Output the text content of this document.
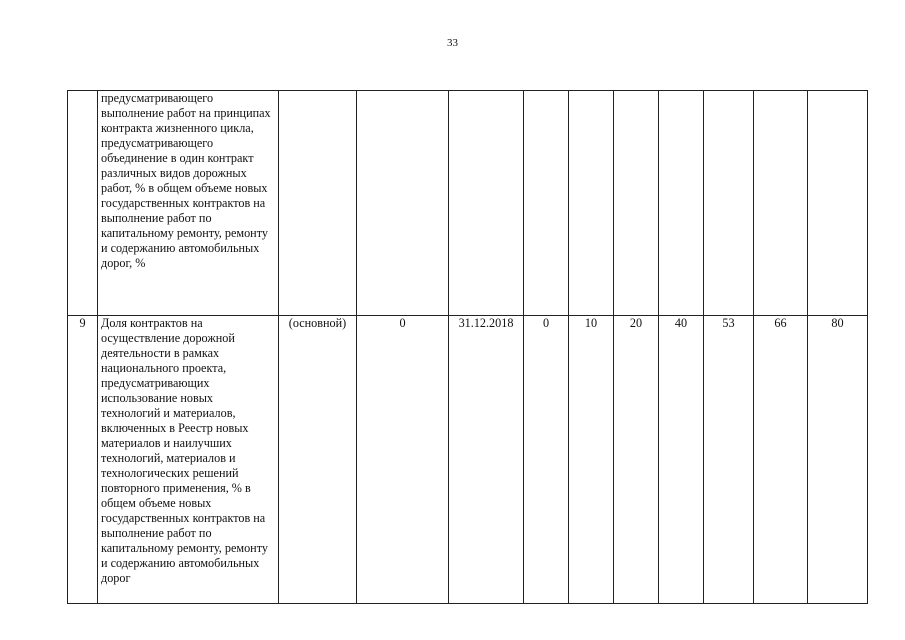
33
	предусматривающего выполнение работ на принципах контракта жизненного цикла, предусматривающего объединение в один контракт различных видов дорожных работ, % в общем объеме новых государственных контрактов на выполнение работ по капитальному ремонту, ремонту и содержанию автомобильных дорог, %										
9	Доля контрактов на осуществление дорожной деятельности в рамках национального проекта, предусматривающих использование новых технологий и материалов, включенных в Реестр новых материалов и наилучших технологий, материалов и технологических решений повторного применения, % в общем объеме новых государственных контрактов на выполнение работ по капитальному ремонту, ремонту и содержанию автомобильных дорог	(основной)	0	31.12.2018	0	10	20	40	53	66	80
